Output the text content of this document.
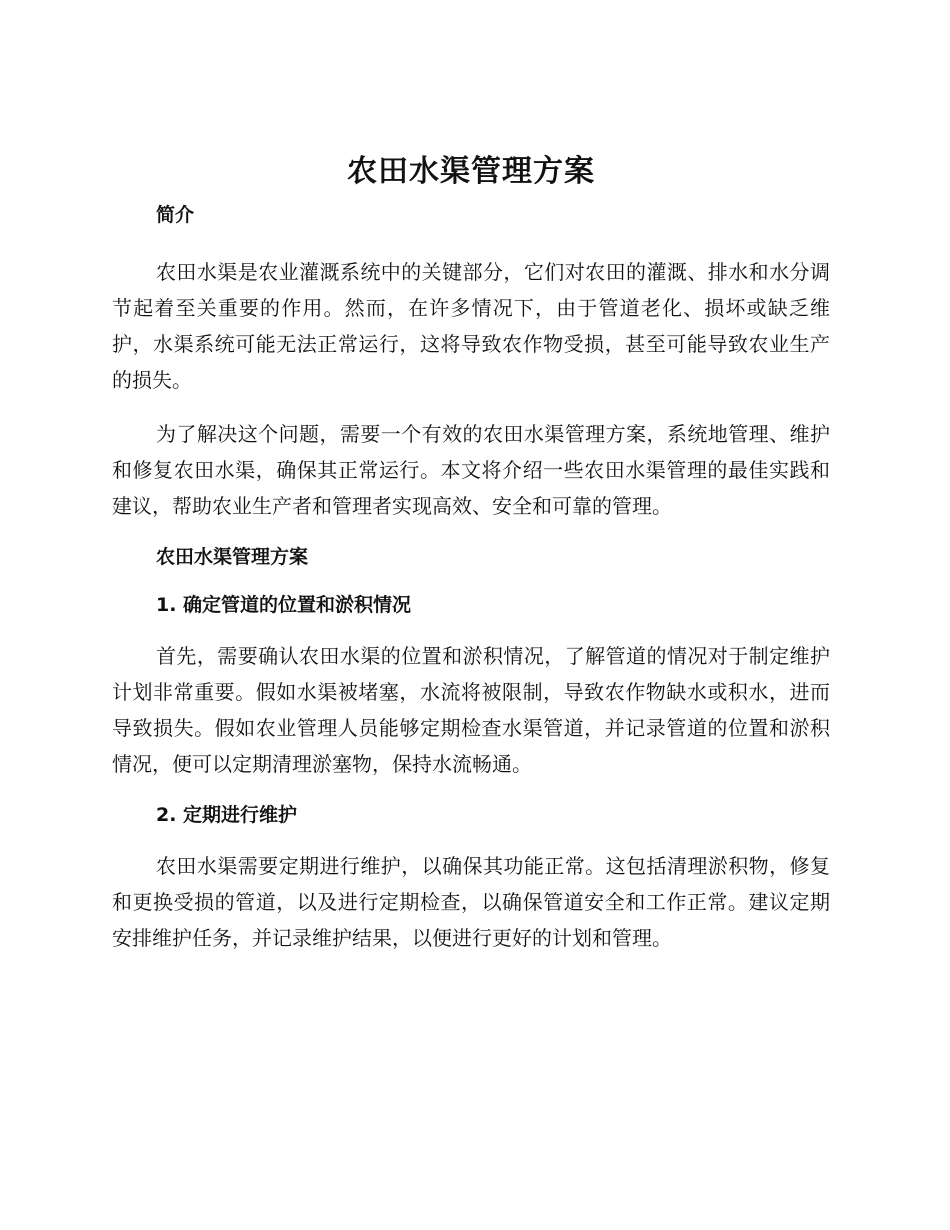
农田水渠管理方案

简介

农田水渠是农业灌溉系统中的关键部分，它们对农田的灌溉、排水和水分调节起着至关重要的作用。然而，在许多情况下，由于管道老化、损坏或缺乏维护，水渠系统可能无法正常运行，这将导致农作物受损，甚至可能导致农业生产的损失。

为了解决这个问题，需要一个有效的农田水渠管理方案，系统地管理、维护和修复农田水渠，确保其正常运行。本文将介绍一些农田水渠管理的最佳实践和建议，帮助农业生产者和管理者实现高效、安全和可靠的管理。

农田水渠管理方案

1. 确定管道的位置和淤积情况

首先，需要确认农田水渠的位置和淤积情况，了解管道的情况对于制定维护计划非常重要。假如水渠被堵塞，水流将被限制，导致农作物缺水或积水，进而导致损失。假如农业管理人员能够定期检查水渠管道，并记录管道的位置和淤积情况，便可以定期清理淤塞物，保持水流畅通。

2. 定期进行维护

农田水渠需要定期进行维护，以确保其功能正常。这包括清理淤积物，修复和更换受损的管道，以及进行定期检查，以确保管道安全和工作正常。建议定期安排维护任务，并记录维护结果，以便进行更好的计划和管理。
